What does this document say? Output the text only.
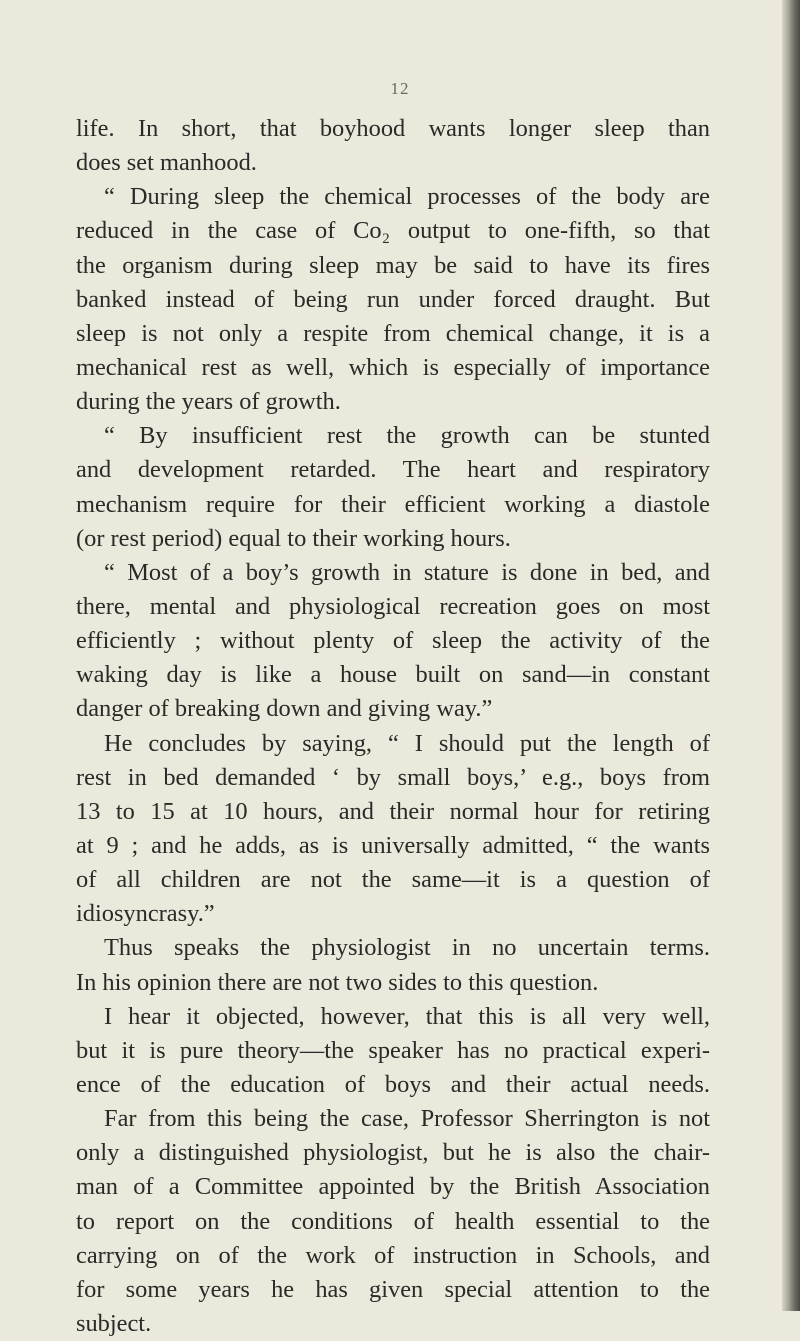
12
life. In short, that boyhood wants longer sleep than
does set manhood.
“ During sleep the chemical processes of the body are
reduced in the case of Co₂ output to one-fifth, so that
the organism during sleep may be said to have its fires
banked instead of being run under forced draught. But
sleep is not only a respite from chemical change, it is a
mechanical rest as well, which is especially of importance
during the years of growth.
“ By insufficient rest the growth can be stunted
and development retarded. The heart and respiratory
mechanism require for their efficient working a diastole
(or rest period) equal to their working hours.
“ Most of a boy’s growth in stature is done in bed, and
there, mental and physiological recreation goes on most
efficiently ; without plenty of sleep the activity of the
waking day is like a house built on sand—in constant
danger of breaking down and giving way.”
He concludes by saying, “ I should put the length of
rest in bed demanded ‘ by small boys,’ e.g., boys from
13 to 15 at 10 hours, and their normal hour for retiring
at 9 ; and he adds, as is universally admitted, “ the wants
of all children are not the same—it is a question of
idiosyncrasy.”
Thus speaks the physiologist in no uncertain terms.
In his opinion there are not two sides to this question.
I hear it objected, however, that this is all very well,
but it is pure theory—the speaker has no practical experi-
ence of the education of boys and their actual needs.
Far from this being the case, Professor Sherrington is not
only a distinguished physiologist, but he is also the chair-
man of a Committee appointed by the British Association
to report on the conditions of health essential to the
carrying on of the work of instruction in Schools, and
for some years he has given special attention to the
subject.
